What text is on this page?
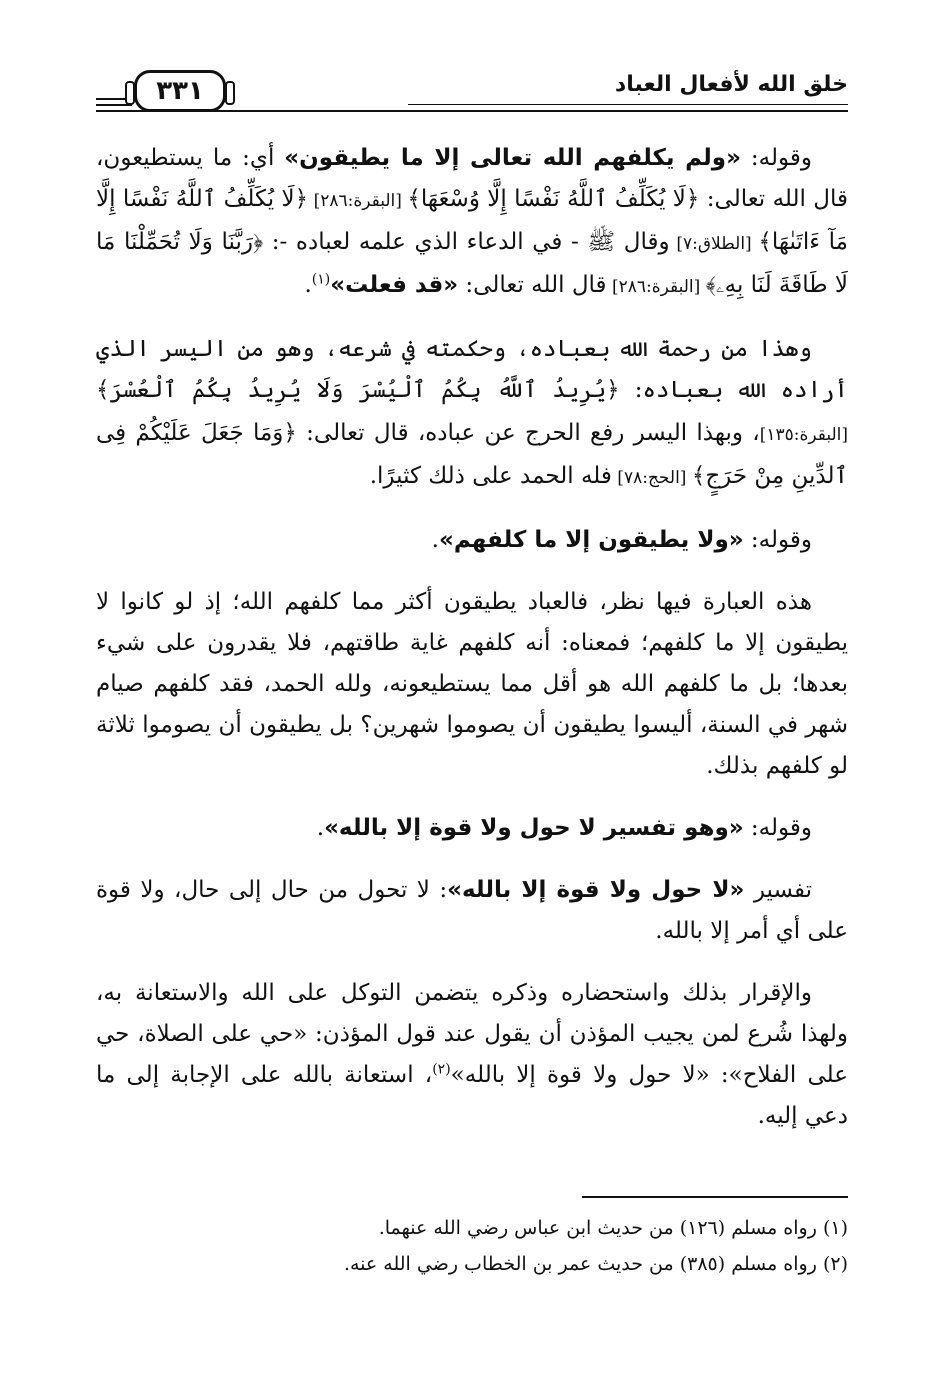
خلق الله لأفعال العباد
٣٣١

وقوله: «ولم يكلفهم الله تعالى إلا ما يطيقون» أي: ما يستطيعون، قال الله تعالى: ﴿لَا يُكَلِّفُ ٱللَّهُ نَفْسًا إِلَّا وُسْعَهَا﴾ [البقرة:٢٨٦] ﴿لَا يُكَلِّفُ ٱللَّهُ نَفْسًا إِلَّا مَآ ءَاتَىٰهَا﴾ [الطلاق:٧] وقال ﷺ - في الدعاء الذي علمه لعباده -: ﴿رَبَّنَا وَلَا تُحَمِّلْنَا مَا لَا طَاقَةَ لَنَا بِهِۦ﴾ [البقرة:٢٨٦] قال الله تعالى: «قد فعلت»$^{(١)}$.

وهذا من رحمة الله بعباده، وحكمته في شرعه، وهو من اليسر الذي أراده الله بعباده: ﴿يُرِيدُ ٱللَّهُ بِكُمُ ٱلْيُسْرَ وَلَا يُرِيدُ بِكُمُ ٱلْعُسْرَ﴾ [البقرة:١٣٥]، وبهذا اليسر رفع الحرج عن عباده، قال تعالى: ﴿وَمَا جَعَلَ عَلَيْكُمْ فِى ٱلدِّينِ مِنْ حَرَجٍ﴾ [الحج:٧٨] فله الحمد على ذلك كثيرًا.

وقوله: «ولا يطيقون إلا ما كلفهم».

هذه العبارة فيها نظر، فالعباد يطيقون أكثر مما كلفهم الله؛ إذ لو كانوا لا يطيقون إلا ما كلفهم؛ فمعناه: أنه كلفهم غاية طاقتهم، فلا يقدرون على شيء بعدها؛ بل ما كلفهم الله هو أقل مما يستطيعونه، ولله الحمد، فقد كلفهم صيام شهر في السنة، أليسوا يطيقون أن يصوموا شهرين؟ بل يطيقون أن يصوموا ثلاثة لو كلفهم بذلك.

وقوله: «وهو تفسير لا حول ولا قوة إلا بالله».

تفسير «لا حول ولا قوة إلا بالله»: لا تحول من حال إلى حال، ولا قوة على أي أمر إلا بالله.

والإقرار بذلك واستحضاره وذكره يتضمن التوكل على الله والاستعانة به، ولهذا شُرع لمن يجيب المؤذن أن يقول عند قول المؤذن: «حي على الصلاة، حي على الفلاح»: «لا حول ولا قوة إلا بالله»$^{(٢)}$، استعانة بالله على الإجابة إلى ما دعي إليه.

(١) رواه مسلم (١٢٦) من حديث ابن عباس رضي الله عنهما.

(٢) رواه مسلم (٣٨٥) من حديث عمر بن الخطاب رضي الله عنه.
